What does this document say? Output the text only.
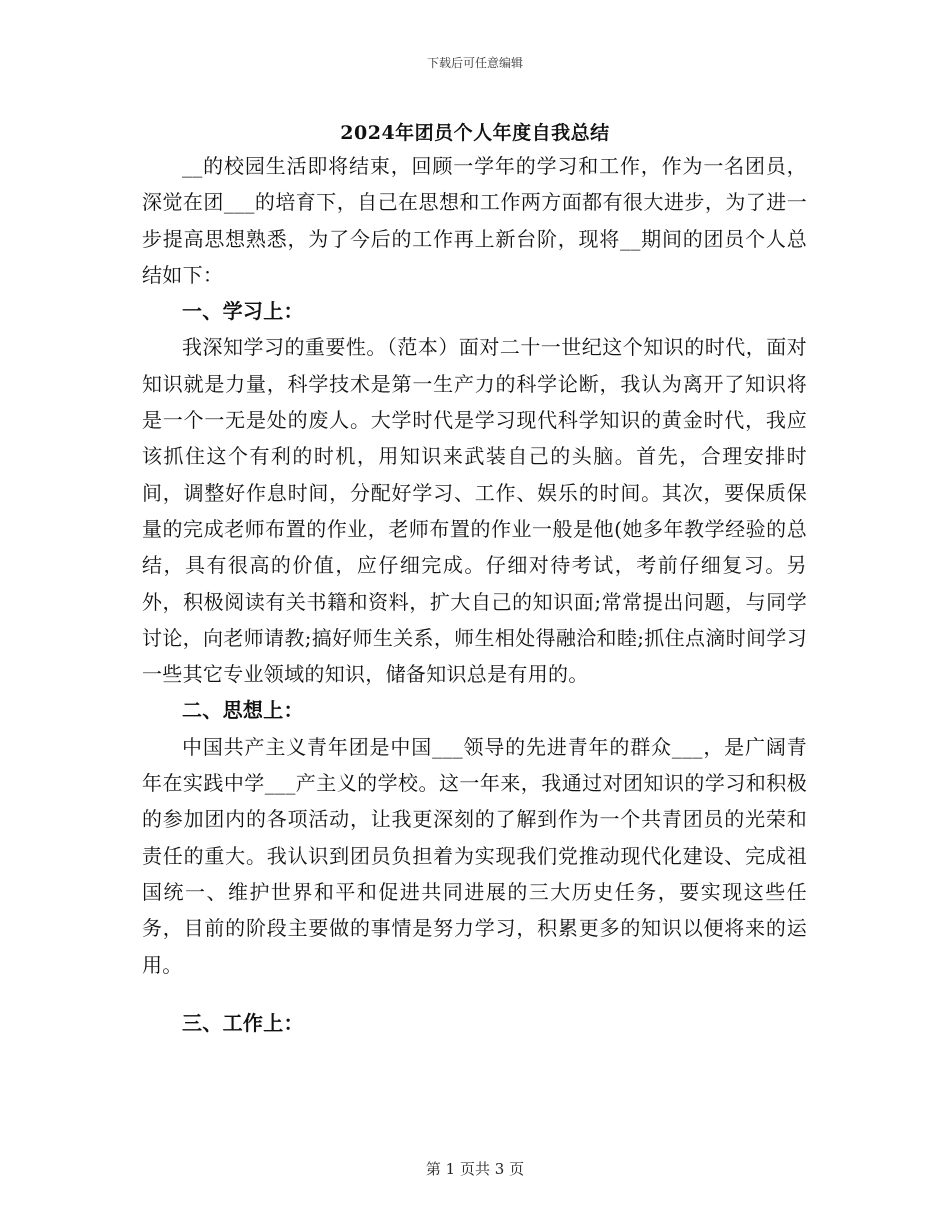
下载后可任意编辑
2024年团员个人年度自我总结

__的校园生活即将结束，回顾一学年的学习和工作，作为一名团员，深觉在团___的培育下，自己在思想和工作两方面都有很大进步，为了进一步提高思想熟悉，为了今后的工作再上新台阶，现将__期间的团员个人总结如下：

一、学习上：

我深知学习的重要性。（范本）面对二十一世纪这个知识的时代，面对知识就是力量，科学技术是第一生产力的科学论断，我认为离开了知识将是一个一无是处的废人。大学时代是学习现代科学知识的黄金时代，我应该抓住这个有利的时机，用知识来武装自己的头脑。首先，合理安排时间，调整好作息时间，分配好学习、工作、娱乐的时间。其次，要保质保量的完成老师布置的作业，老师布置的作业一般是他(她多年教学经验的总结，具有很高的价值，应仔细完成。仔细对待考试，考前仔细复习。另外，积极阅读有关书籍和资料，扩大自己的知识面;常常提出问题，与同学讨论，向老师请教;搞好师生关系，师生相处得融洽和睦;抓住点滴时间学习一些其它专业领域的知识，储备知识总是有用的。

二、思想上：

中国共产主义青年团是中国___领导的先进青年的群众___，是广阔青年在实践中学___产主义的学校。这一年来，我通过对团知识的学习和积极的参加团内的各项活动，让我更深刻的了解到作为一个共青团员的光荣和责任的重大。我认识到团员负担着为实现我们党推动现代化建设、完成祖国统一、维护世界和平和促进共同进展的三大历史任务，要实现这些任务，目前的阶段主要做的事情是努力学习，积累更多的知识以便将来的运用。

三、工作上：
第 1 页共 3 页
